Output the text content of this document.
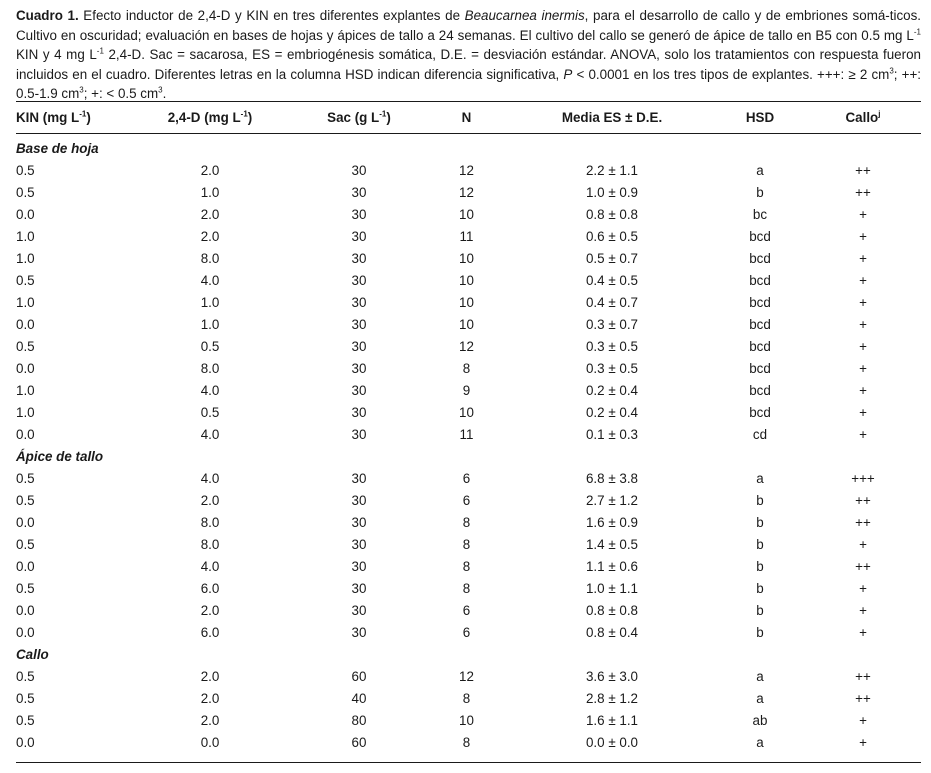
Cuadro 1. Efecto inductor de 2,4-D y KIN en tres diferentes explantes de Beaucarnea inermis, para el desarrollo de callo y de embriones somá-ticos. Cultivo en oscuridad; evaluación en bases de hojas y ápices de tallo a 24 semanas. El cultivo del callo se generó de ápice de tallo en B5 con 0.5 mg $L^{-1}$ KIN y 4 mg $L^{-1}$ 2,4-D. Sac = sacarosa, ES = embriogénesis somática, D.E. = desviación estándar. ANOVA, solo los tratamientos con respuesta fueron incluidos en el cuadro. Diferentes letras en la columna HSD indican diferencia significativa, P < 0.0001 en los tres tipos de explantes. +++: ≥ 2 $cm^3$; ++: 0.5-1.9 $cm^3$; +: < 0.5 $cm^3$.
KIN (mg $L^{-1}$)	2,4-D (mg $L^{-1}$)	Sac (g $L^{-1}$)	N	Media ES ± D.E.	HSD	Callo$^j$

Base de hoja						
0.5	2.0	30	12	2.2 ± 1.1	a	++
0.5	1.0	30	12	1.0 ± 0.9	b	++
0.0	2.0	30	10	0.8 ± 0.8	bc	+
1.0	2.0	30	11	0.6 ± 0.5	bcd	+
1.0	8.0	30	10	0.5 ± 0.7	bcd	+
0.5	4.0	30	10	0.4 ± 0.5	bcd	+
1.0	1.0	30	10	0.4 ± 0.7	bcd	+
0.0	1.0	30	10	0.3 ± 0.7	bcd	+
0.5	0.5	30	12	0.3 ± 0.5	bcd	+
0.0	8.0	30	8	0.3 ± 0.5	bcd	+
1.0	4.0	30	9	0.2 ± 0.4	bcd	+
1.0	0.5	30	10	0.2 ± 0.4	bcd	+
0.0	4.0	30	11	0.1 ± 0.3	cd	+
Ápice de tallo						
0.5	4.0	30	6	6.8 ± 3.8	a	+++
0.5	2.0	30	6	2.7 ± 1.2	b	++
0.0	8.0	30	8	1.6 ± 0.9	b	++
0.5	8.0	30	8	1.4 ± 0.5	b	+
0.0	4.0	30	8	1.1 ± 0.6	b	++
0.5	6.0	30	8	1.0 ± 1.1	b	+
0.0	2.0	30	6	0.8 ± 0.8	b	+
0.0	6.0	30	6	0.8 ± 0.4	b	+
Callo						
0.5	2.0	60	12	3.6 ± 3.0	a	++
0.5	2.0	40	8	2.8 ± 1.2	a	++
0.5	2.0	80	10	1.6 ± 1.1	ab	+
0.0	0.0	60	8	0.0 ± 0.0	a	+
